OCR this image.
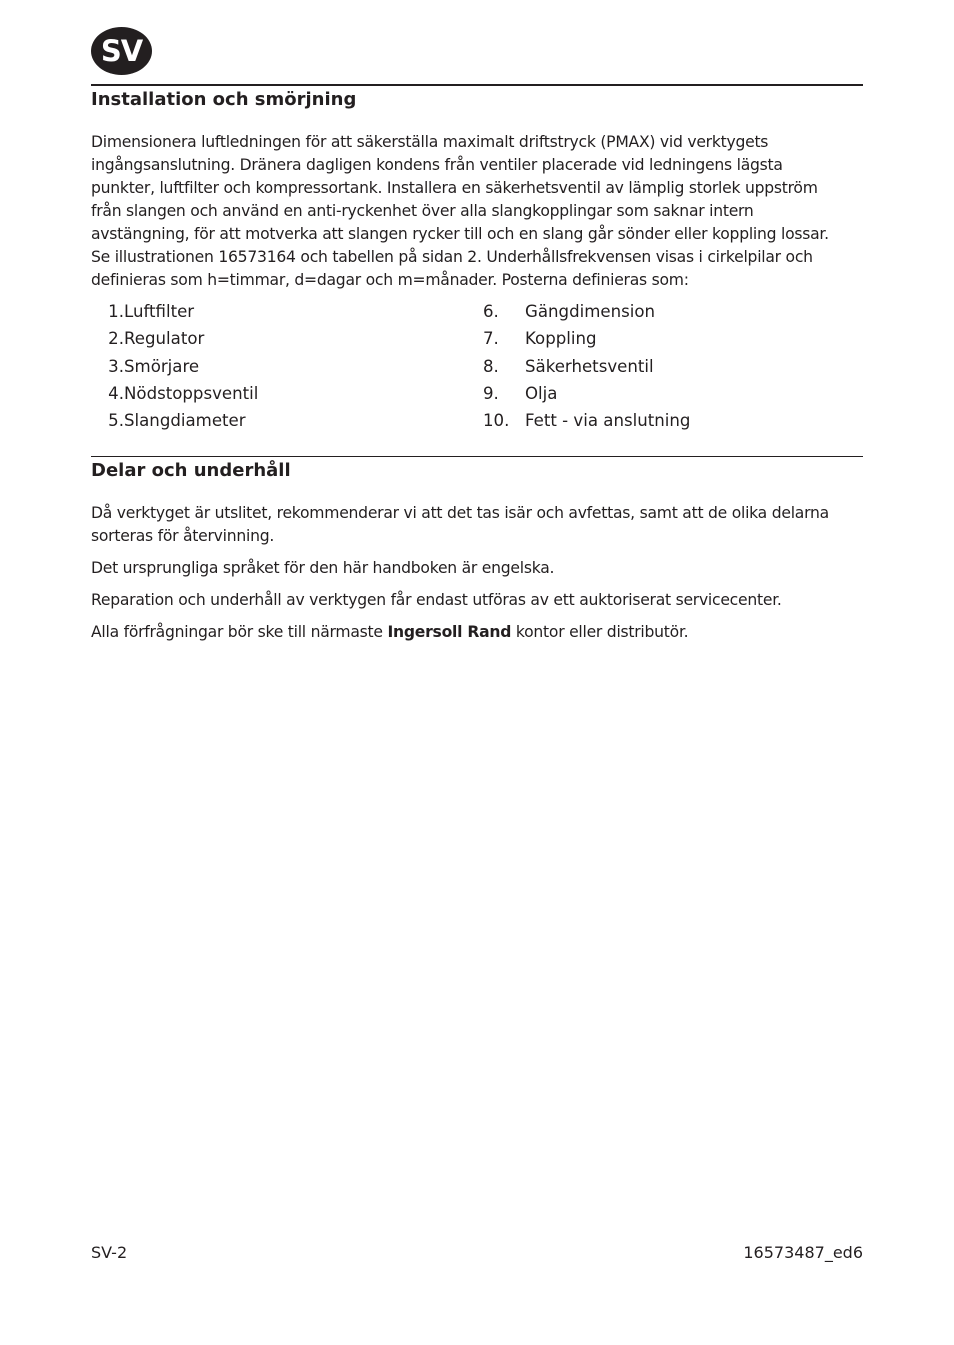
SV
Installation och smörjning
Dimensionera luftledningen för att säkerställa maximalt driftstryck (PMAX) vid verktygets
ingångsanslutning. Dränera dagligen kondens från ventiler placerade vid ledningens lägsta
punkter, luftfilter och kompressortank. Installera en säkerhetsventil av lämplig storlek uppström
från slangen och använd en anti-ryckenhet över alla slangkopplingar som saknar intern
avstängning, för att motverka att slangen rycker till och en slang går sönder eller koppling lossar.
Se illustrationen 16573164 och tabellen på sidan 2. Underhållsfrekvensen visas i cirkelpilar och
definieras som h=timmar, d=dagar och m=månader. Posterna definieras som:
1. Luftfilter
2. Regulator
3. Smörjare
4. Nödstoppsventil
5. Slangdiameter
6. Gängdimension
7. Koppling
8. Säkerhetsventil
9. Olja
10. Fett - via anslutning
Delar och underhåll
Då verktyget är utslitet, rekommenderar vi att det tas isär och avfettas, samt att de olika delarna
sorteras för återvinning.

Det ursprungliga språket för den här handboken är engelska.

Reparation och underhåll av verktygen får endast utföras av ett auktoriserat servicecenter.

Alla förfrågningar bör ske till närmaste Ingersoll Rand kontor eller distributör.

SV-2	16573487_ed6
